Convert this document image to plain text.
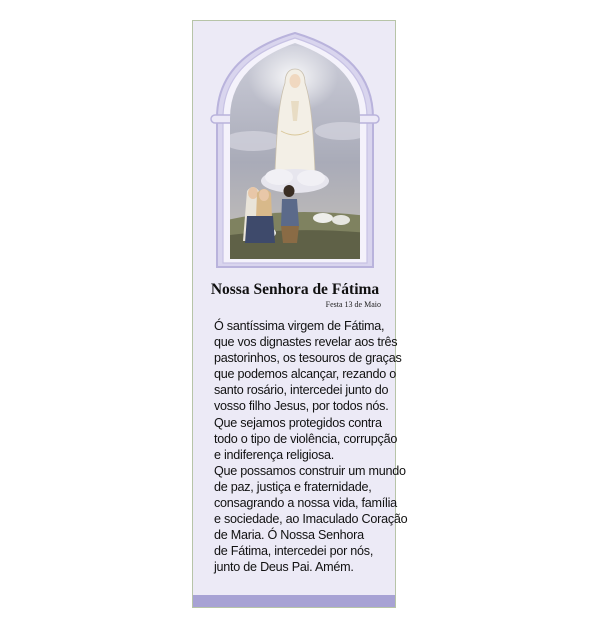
Nossa Senhora de Fátima
Festa 13 de Maio
Ó santíssima virgem de Fátima,
que vos dignastes revelar aos três
pastorinhos, os tesouros de graças
que podemos alcançar, rezando o
santo rosário, intercedei junto do
vosso filho Jesus, por todos nós.
Que sejamos protegidos contra
todo o tipo de violência, corrupção
e indiferença religiosa.
Que possamos construir um mundo
de paz, justiça e fraternidade,
consagrando a nossa vida, família
e sociedade, ao Imaculado Coração
de Maria. Ó Nossa Senhora
de Fátima, intercedei por nós,
junto de Deus Pai. Amém.
